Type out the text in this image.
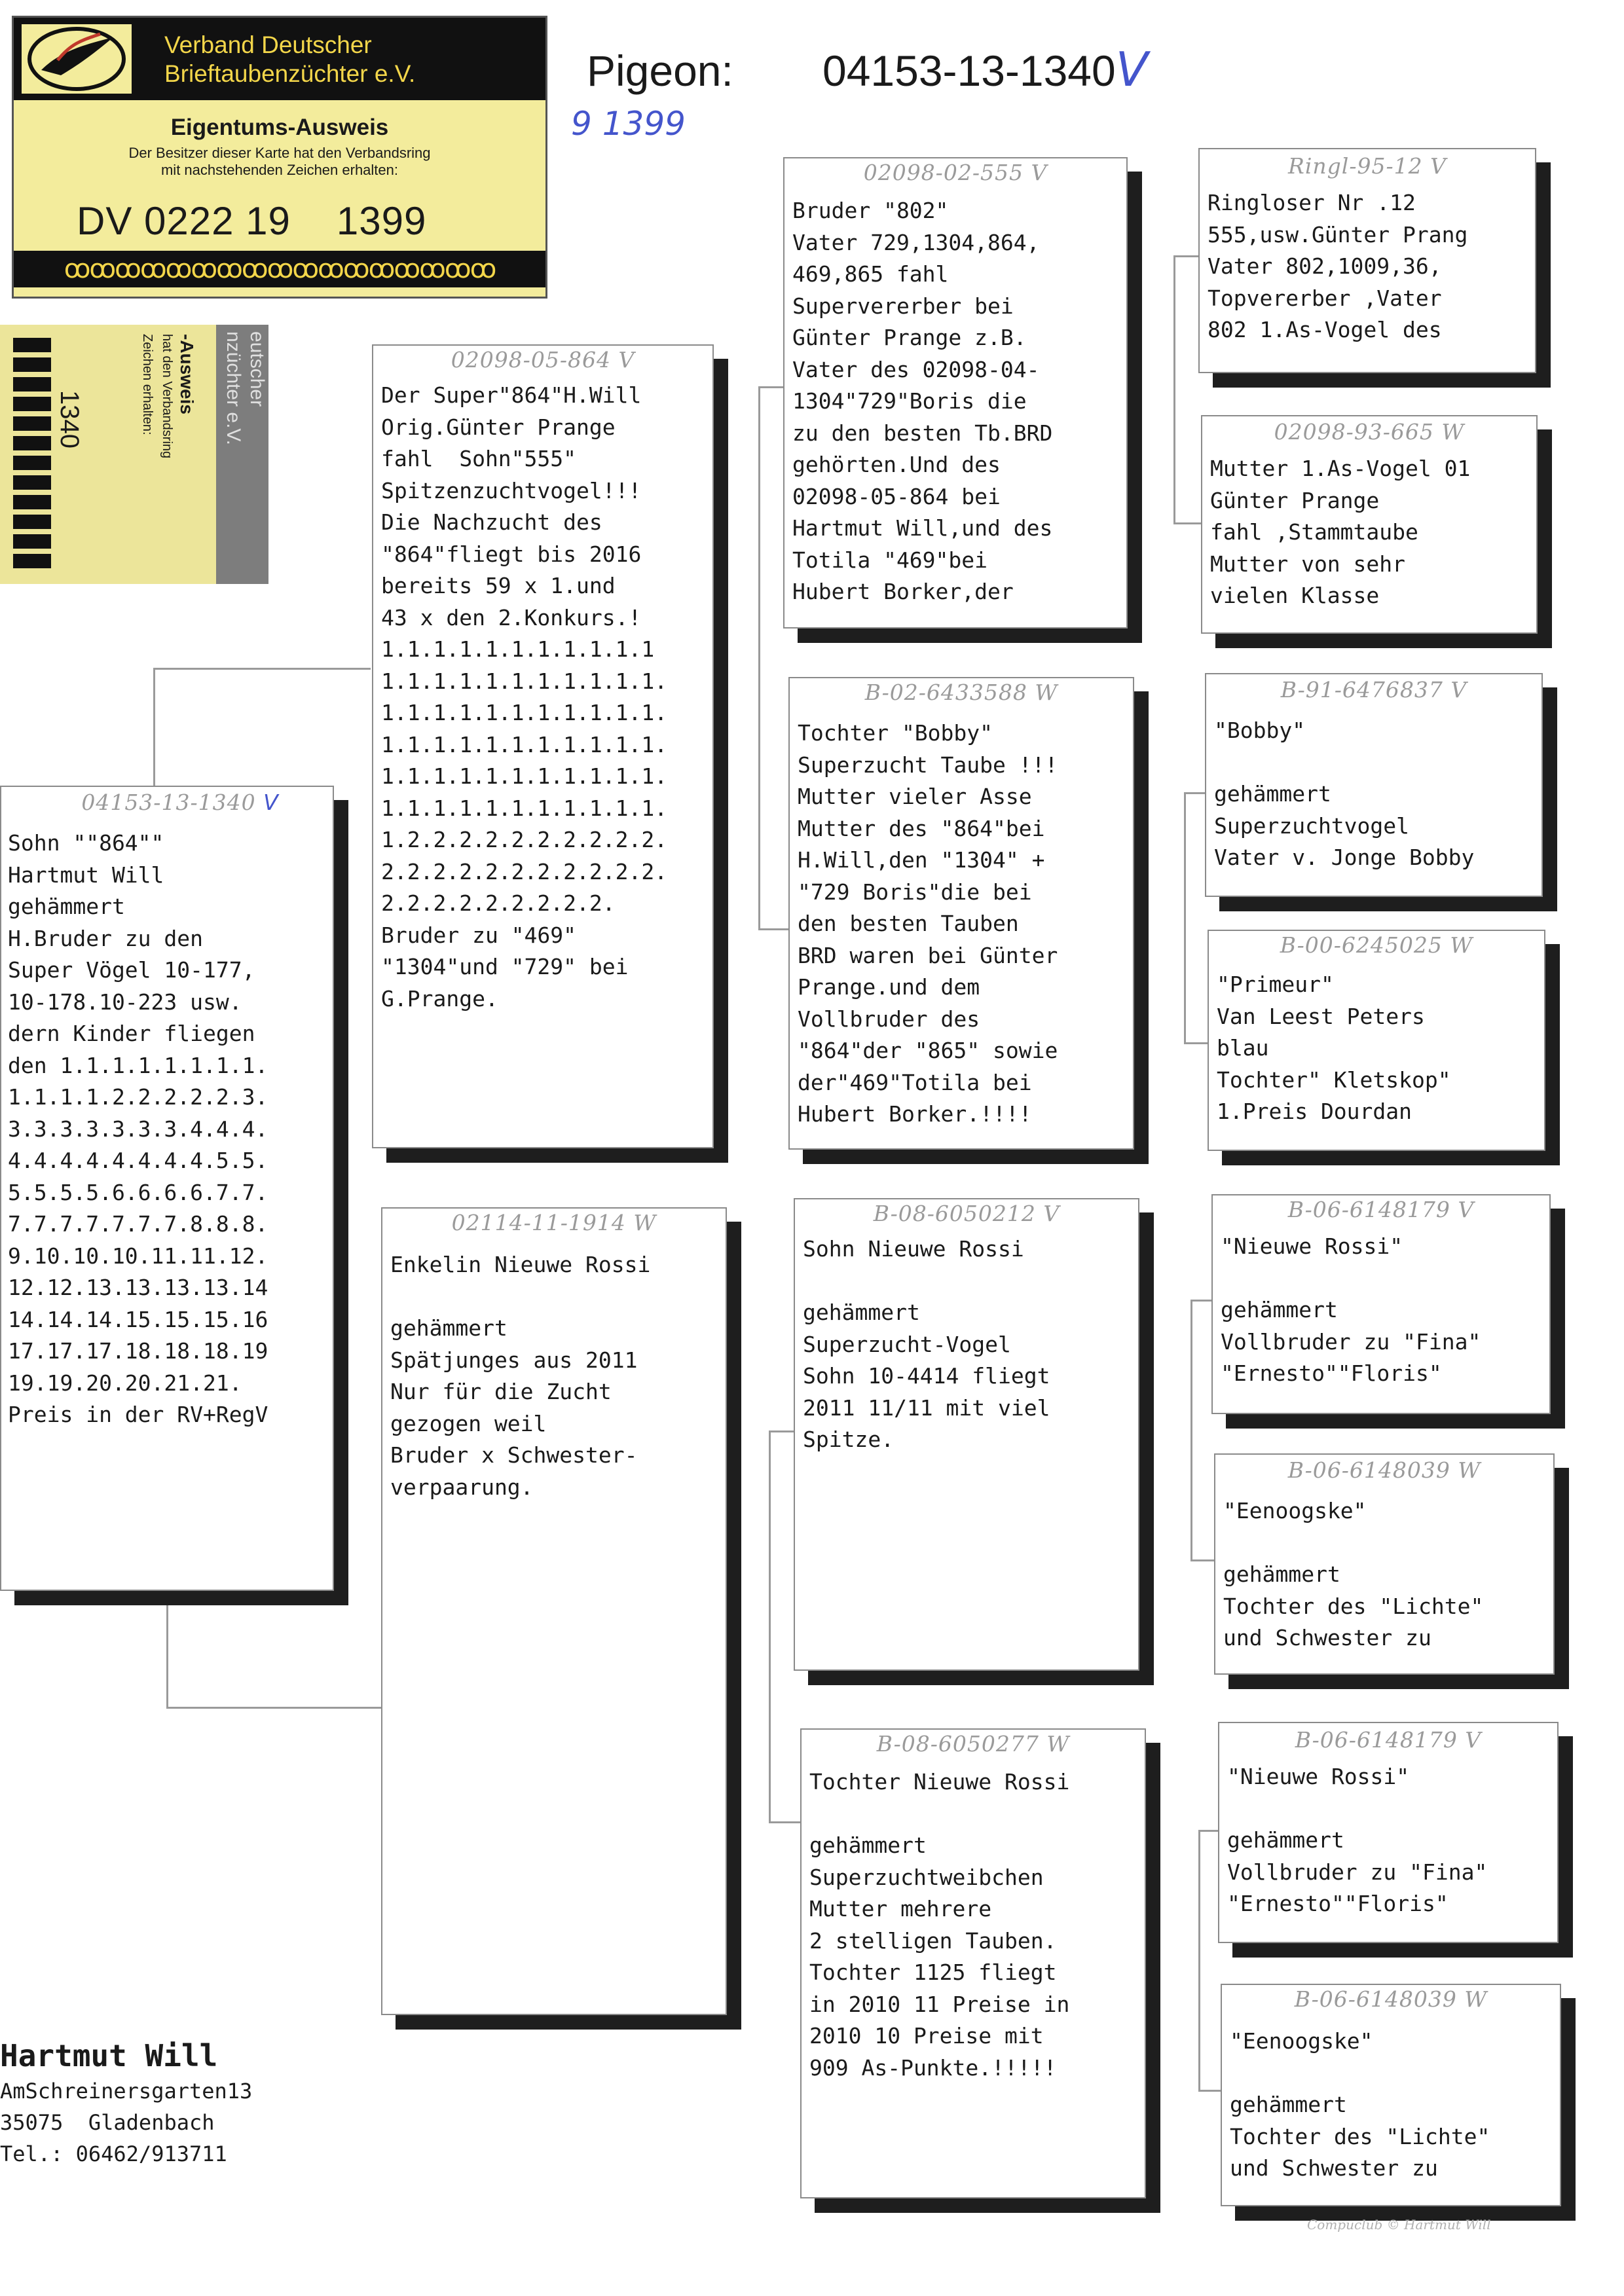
Verband Deutscher
Brieftaubenzüchter e.V.
Eigentums-Ausweis
Der Besitzer dieser Karte hat den Verbandsring
mit nachstehenden Zeichen erhalten:
DV 0222 19 1399
ꝏꝏꝏꝏꝏꝏꝏꝏꝏꝏꝏꝏꝏꝏꝏꝏꝏ
eutscher
nzüchter e.V.
-Ausweis
hat den Verbandsring
Zeichen erhalten:
1340
Pigeon: 04153-13-1340V
9 1399
04153-13-1340 V
Sohn ""864""
Hartmut Will
gehämmert
H.Bruder zu den
Super Vögel 10-177,
10-178.10-223 usw.
dern Kinder fliegen
den 1.1.1.1.1.1.1.1.
1.1.1.1.2.2.2.2.2.3.
3.3.3.3.3.3.3.4.4.4.
4.4.4.4.4.4.4.4.5.5.
5.5.5.5.6.6.6.6.7.7.
7.7.7.7.7.7.7.8.8.8.
9.10.10.10.11.11.12.
12.12.13.13.13.13.14
14.14.14.15.15.15.16
17.17.17.18.18.18.19
19.19.20.20.21.21.
Preis in der RV+RegV
02098-05-864 V
Der Super"864"H.Will
Orig.Günter Prange
fahl  Sohn"555"
Spitzenzuchtvogel!!!
Die Nachzucht des
"864"fliegt bis 2016
bereits 59 x 1.und
43 x den 2.Konkurs.!
1.1.1.1.1.1.1.1.1.1.1
1.1.1.1.1.1.1.1.1.1.1.
1.1.1.1.1.1.1.1.1.1.1.
1.1.1.1.1.1.1.1.1.1.1.
1.1.1.1.1.1.1.1.1.1.1.
1.1.1.1.1.1.1.1.1.1.1.
1.2.2.2.2.2.2.2.2.2.2.
2.2.2.2.2.2.2.2.2.2.2.
2.2.2.2.2.2.2.2.2.
Bruder zu "469"
"1304"und "729" bei
G.Prange.
02114-11-1914 W
Enkelin Nieuwe Rossi

gehämmert
Spätjunges aus 2011
Nur für die Zucht
gezogen weil
Bruder x Schwester-
verpaarung.
02098-02-555 V
Bruder "802"
Vater 729,1304,864,
469,865 fahl
Supervererber bei
Günter Prange z.B.
Vater des 02098-04-
1304"729"Boris die
zu den besten Tb.BRD
gehörten.Und des
02098-05-864 bei
Hartmut Will,und des
Totila "469"bei
Hubert Borker,der
B-02-6433588 W
Tochter "Bobby"
Superzucht Taube !!!
Mutter vieler Asse
Mutter des "864"bei
H.Will,den "1304" +
"729 Boris"die bei
den besten Tauben
BRD waren bei Günter
Prange.und dem
Vollbruder des
"864"der "865" sowie
der"469"Totila bei
Hubert Borker.!!!!
B-08-6050212 V
Sohn Nieuwe Rossi

gehämmert
Superzucht-Vogel
Sohn 10-4414 fliegt
2011 11/11 mit viel
Spitze.
B-08-6050277 W
Tochter Nieuwe Rossi

gehämmert
Superzuchtweibchen
Mutter mehrere
2 stelligen Tauben.
Tochter 1125 fliegt
in 2010 11 Preise in
2010 10 Preise mit
909 As-Punkte.!!!!!
Ringl-95-12 V
Ringloser Nr .12
555,usw.Günter Prang
Vater 802,1009,36,
Topvererber ,Vater
802 1.As-Vogel des
02098-93-665 W
Mutter 1.As-Vogel 01
Günter Prange
fahl ,Stammtaube
Mutter von sehr
vielen Klasse
B-91-6476837 V
"Bobby"

gehämmert
Superzuchtvogel
Vater v. Jonge Bobby
B-00-6245025 W
"Primeur"
Van Leest Peters
blau
Tochter" Kletskop"
1.Preis Dourdan
B-06-6148179 V
"Nieuwe Rossi"

gehämmert
Vollbruder zu "Fina"
"Ernesto""Floris"
B-06-6148039 W
"Eenoogske"

gehämmert
Tochter des "Lichte"
und Schwester zu
B-06-6148179 V
"Nieuwe Rossi"

gehämmert
Vollbruder zu "Fina"
"Ernesto""Floris"
B-06-6148039 W
"Eenoogske"

gehämmert
Tochter des "Lichte"
und Schwester zu
Hartmut Will
AmSchreinersgarten13
35075  Gladenbach
Tel.: 06462/913711
Compuclub © Hartmut Will
